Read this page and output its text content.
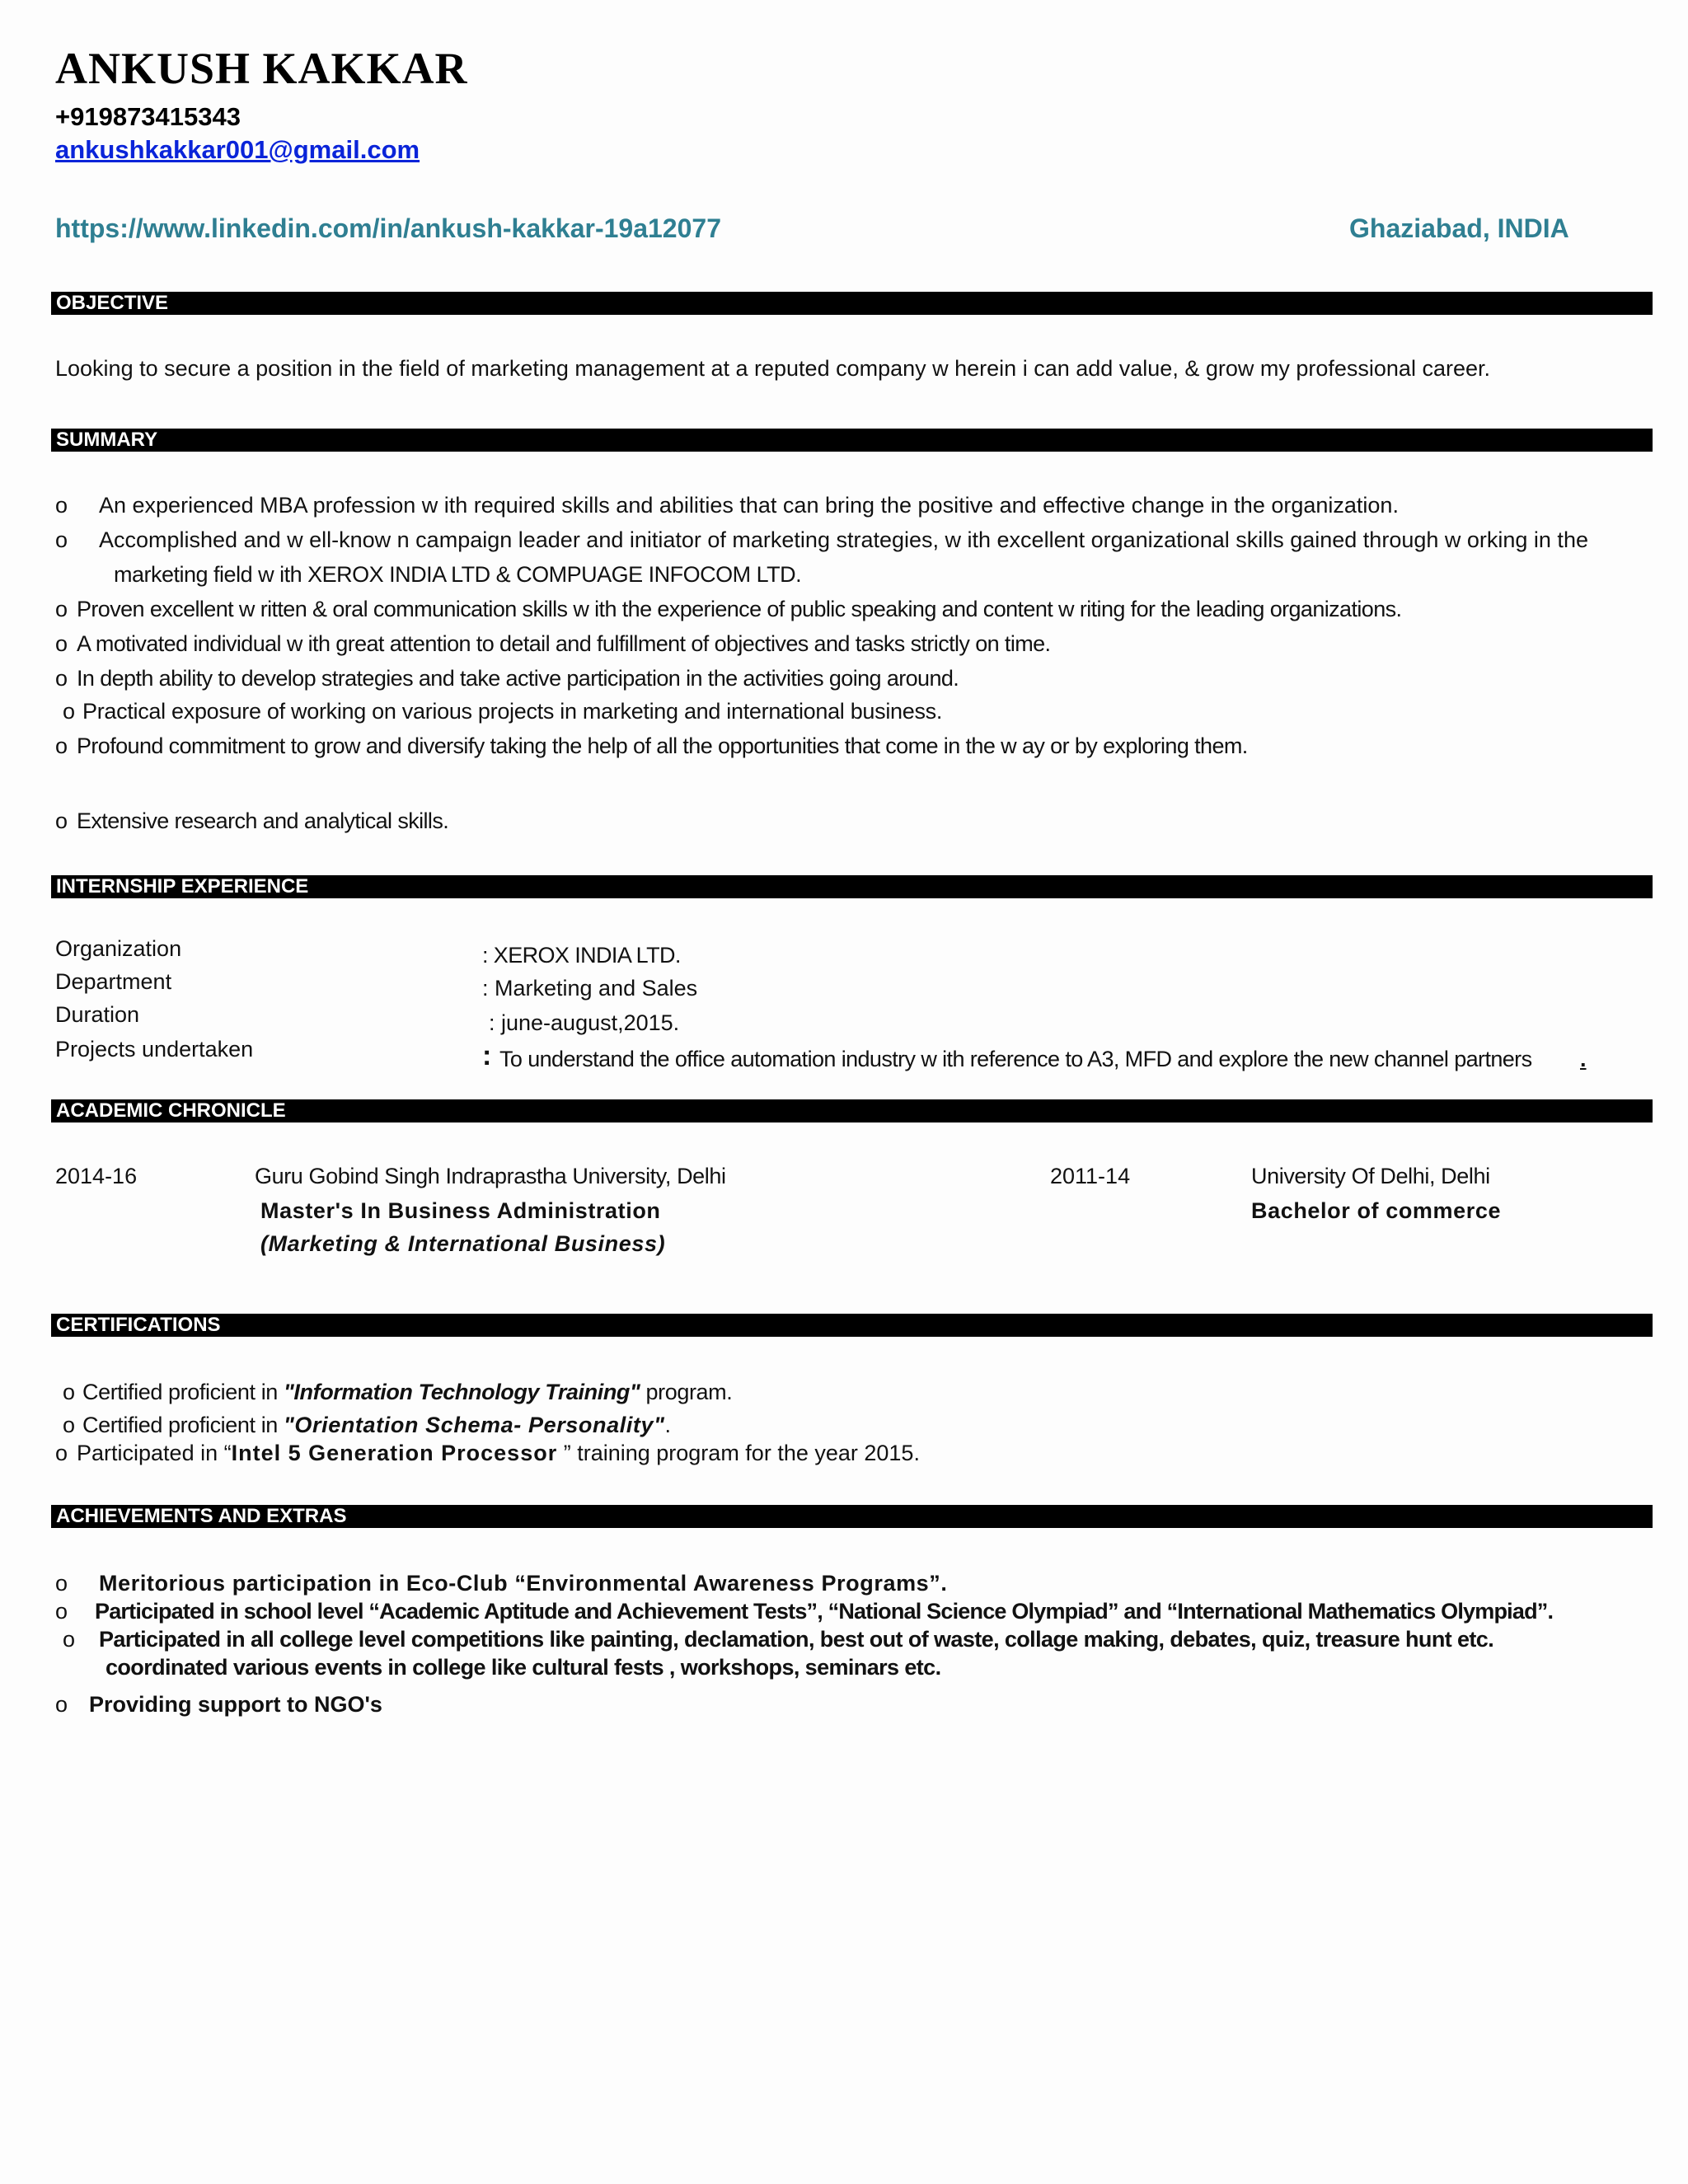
ANKUSH KAKKAR
+919873415343
ankushkakkar001@gmail.com
https://www.linkedin.com/in/ankush-kakkar-19a12077	Ghaziabad, INDIA
OBJECTIVE
Looking to secure a position in the field of marketing management at a reputed company w herein i can add value, & grow my professional career.
SUMMARY
o An experienced MBA profession w ith required skills and abilities that can bring the positive and effective change in the organization.
o Accomplished and w ell-know n campaign leader and initiator of marketing strategies, w ith excellent organizational skills gained through w orking in the
marketing field w ith XEROX INDIA LTD & COMPUAGE INFOCOM LTD.
o Proven excellent w ritten & oral communication skills w ith the experience of public speaking and content w riting for the leading organizations.
o A motivated individual w ith great attention to detail and fulfillment of objectives and tasks strictly on time.
o In depth ability to develop strategies and take active participation in the activities going around.
o Practical exposure of working on various projects in marketing and international business.
o Profound commitment to grow and diversify taking the help of all the opportunities that come in the w ay or by exploring them.
o Extensive research and analytical skills.
INTERNSHIP EXPERIENCE
Organization	: XEROX INDIA LTD.
Department	: Marketing and Sales
Duration	: june-august,2015.
Projects undertaken	: To understand the office automation industry w ith reference to A3, MFD and explore the new channel partners .
ACADEMIC CHRONICLE
2014-16	Guru Gobind Singh Indraprastha University, Delhi
Master's In Business Administration
(Marketing & International Business)
2011-14	University Of Delhi, Delhi
Bachelor of commerce
CERTIFICATIONS
o Certified proficient in "Information Technology Training" program.
o Certified proficient in "Orientation Schema- Personality".
o Participated in “Intel 5 Generation Processor ” training program for the year 2015.
ACHIEVEMENTS AND EXTRAS
o Meritorious participation in Eco-Club “Environmental Awareness Programs”.
o Participated in school level “Academic Aptitude and Achievement Tests”, “National Science Olympiad” and “International Mathematics Olympiad”.
o Participated in all college level competitions like painting, declamation, best out of waste, collage making, debates, quiz, treasure hunt etc.
coordinated various events in college like cultural fests , workshops, seminars etc.
o Providing support to NGO's
